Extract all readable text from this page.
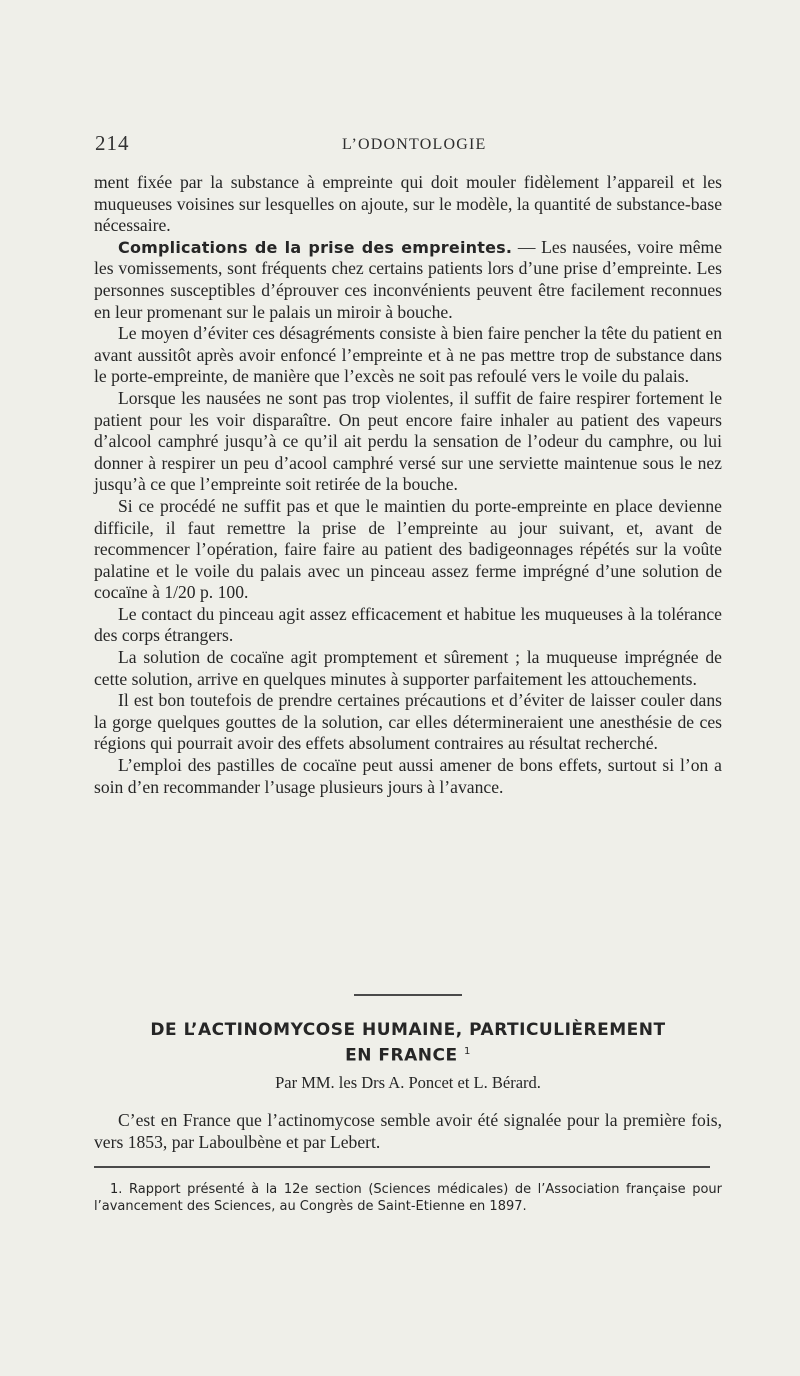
214	L’ODONTOLOGIE

ment fixée par la substance à empreinte qui doit mouler fidèlement l’appareil et les muqueuses voisines sur lesquelles on ajoute, sur le modèle, la quantité de substance-base nécessaire.

Complications de la prise des empreintes. — Les nausées, voire même les vomissements, sont fréquents chez certains patients lors d’une prise d’empreinte. Les personnes susceptibles d’éprouver ces inconvénients peuvent être facilement reconnues en leur promenant sur le palais un miroir à bouche.

Le moyen d’éviter ces désagréments consiste à bien faire pencher la tête du patient en avant aussitôt après avoir enfoncé l’empreinte et à ne pas mettre trop de substance dans le porte-empreinte, de manière que l’excès ne soit pas refoulé vers le voile du palais.

Lorsque les nausées ne sont pas trop violentes, il suffit de faire respirer fortement le patient pour les voir disparaître. On peut encore faire inhaler au patient des vapeurs d’alcool camphré jusqu’à ce qu’il ait perdu la sensation de l’odeur du camphre, ou lui donner à respirer un peu d’acool camphré versé sur une serviette maintenue sous le nez jusqu’à ce que l’empreinte soit retirée de la bouche.

Si ce procédé ne suffit pas et que le maintien du porte-empreinte en place devienne difficile, il faut remettre la prise de l’empreinte au jour suivant, et, avant de recommencer l’opération, faire faire au patient des badigeonnages répétés sur la voûte palatine et le voile du palais avec un pinceau assez ferme imprégné d’une solution de cocaïne à 1/20 p. 100.

Le contact du pinceau agit assez efficacement et habitue les muqueuses à la tolérance des corps étrangers.

La solution de cocaïne agit promptement et sûrement ; la muqueuse imprégnée de cette solution, arrive en quelques minutes à supporter parfaitement les attouchements.

Il est bon toutefois de prendre certaines précautions et d’éviter de laisser couler dans la gorge quelques gouttes de la solution, car elles détermineraient une anesthésie de ces régions qui pourrait avoir des effets absolument contraires au résultat recherché.

L’emploi des pastilles de cocaïne peut aussi amener de bons effets, surtout si l’on a soin d’en recommander l’usage plusieurs jours à l’avance.

DE L’ACTINOMYCOSE HUMAINE, PARTICULIÈREMENT
EN FRANCE $^1$
Par MM. les Drs A. Poncet et L. Bérard.

C’est en France que l’actinomycose semble avoir été signalée pour la première fois, vers 1853, par Laboulbène et par Lebert.

1. Rapport présenté à la 12e section (Sciences médicales) de l’Association française pour l’avancement des Sciences, au Congrès de Saint-Etienne en 1897.
